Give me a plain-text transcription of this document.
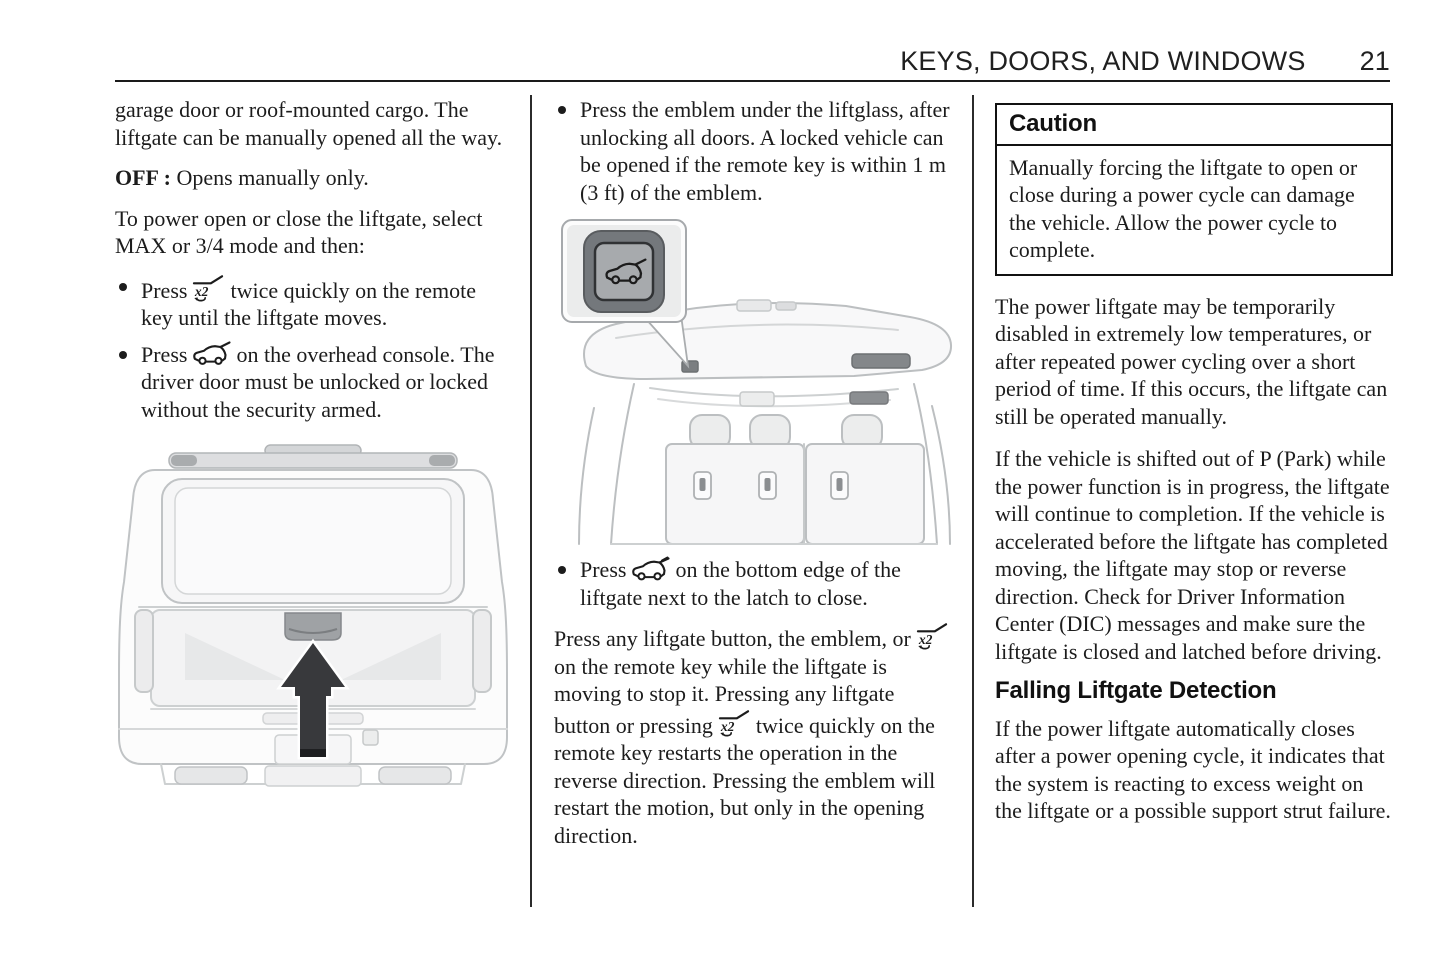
KEYS, DOORS, AND WINDOWS 21

garage door or roof-mounted cargo. The liftgate can be manually opened all the way.

OFF : Opens manually only.

To power open or close the liftgate, select MAX or 3/4 mode and then:

Press twice quickly on the remote key until the liftgate moves.
Press on the overhead console. The driver door must be unlocked or locked without the security armed.
Press the emblem under the liftglass, after unlocking all doors. A locked vehicle can be opened if the remote key is within 1 m (3 ft) of the emblem.
Press on the bottom edge of the liftgate next to the latch to close.

Press any liftgate button, the emblem, oron the remote key while the liftgate is moving to stop it. Pressing any liftgate button or pressing twice quickly on the remote key restarts the operation in the reverse direction. Pressing the emblem will restart the motion, but only in the opening direction.

Caution
Manually forcing the liftgate to open or close during a power cycle can damage the vehicle. Allow the power cycle to complete.

The power liftgate may be temporarily disabled in extremely low temperatures, or after repeated power cycling over a short period of time. If this occurs, the liftgate can still be operated manually.

If the vehicle is shifted out of P (Park) while the power function is in progress, the liftgate will continue to completion. If the vehicle is accelerated before the liftgate has completed moving, the liftgate may stop or reverse direction. Check for Driver Information Center (DIC) messages and make sure the liftgate is closed and latched before driving.

Falling Liftgate Detection

If the power liftgate automatically closes after a power opening cycle, it indicates that the system is reacting to excess weight on the liftgate or a possible support strut failure.
